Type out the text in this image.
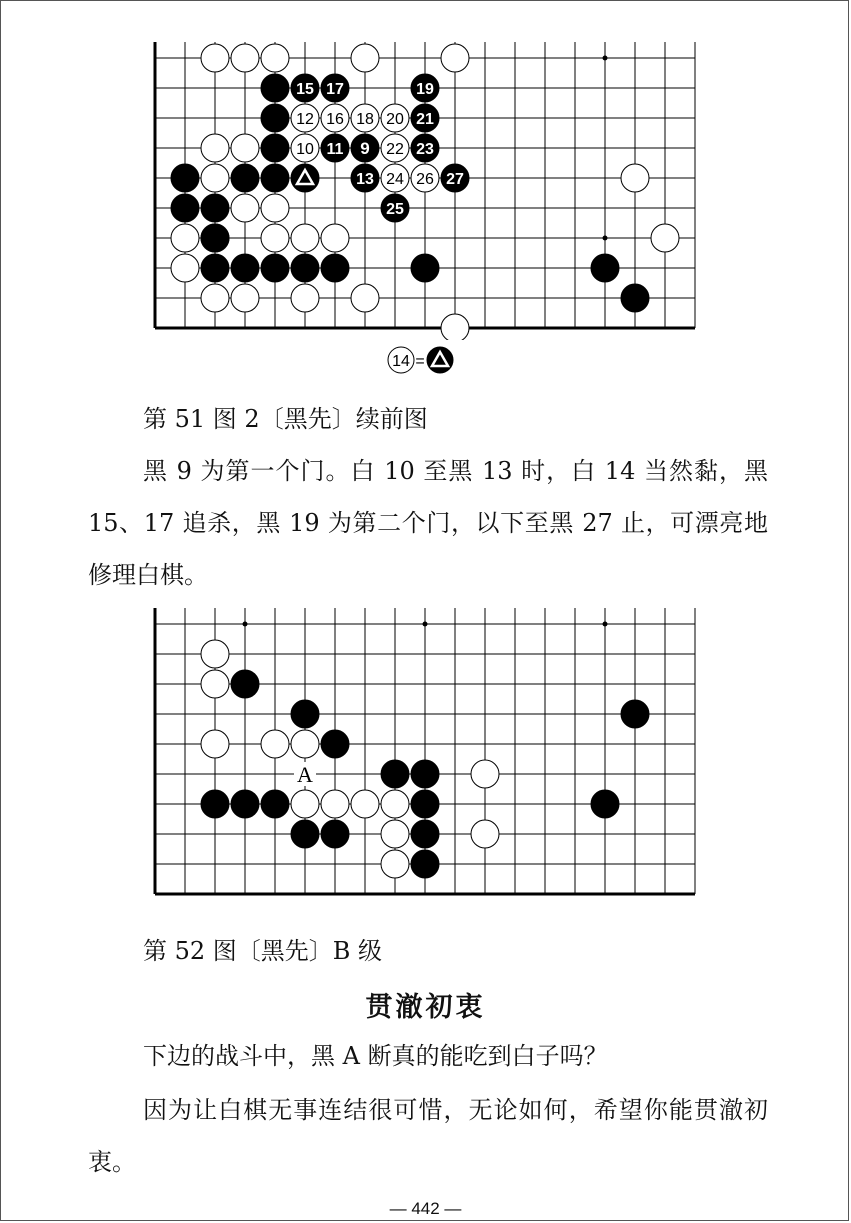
15 17	19
12 16 18 20 21
10 11 9 22 23
13 24 26 27
25
14 =
第 51 图 2〔黑先〕续前图
黑 9 为第一个门。白 10 至黑 13 时，白 14 当然黏，黑 15、17 追杀，黑 19 为第二个门，以下至黑 27 止，可漂亮地修理白棋。
A
第 52 图〔黑先〕B 级
贯澈初衷
下边的战斗中，黑 A 断真的能吃到白子吗？
因为让白棋无事连结很可惜，无论如何，希望你能贯澈初衷。
— 442 —
